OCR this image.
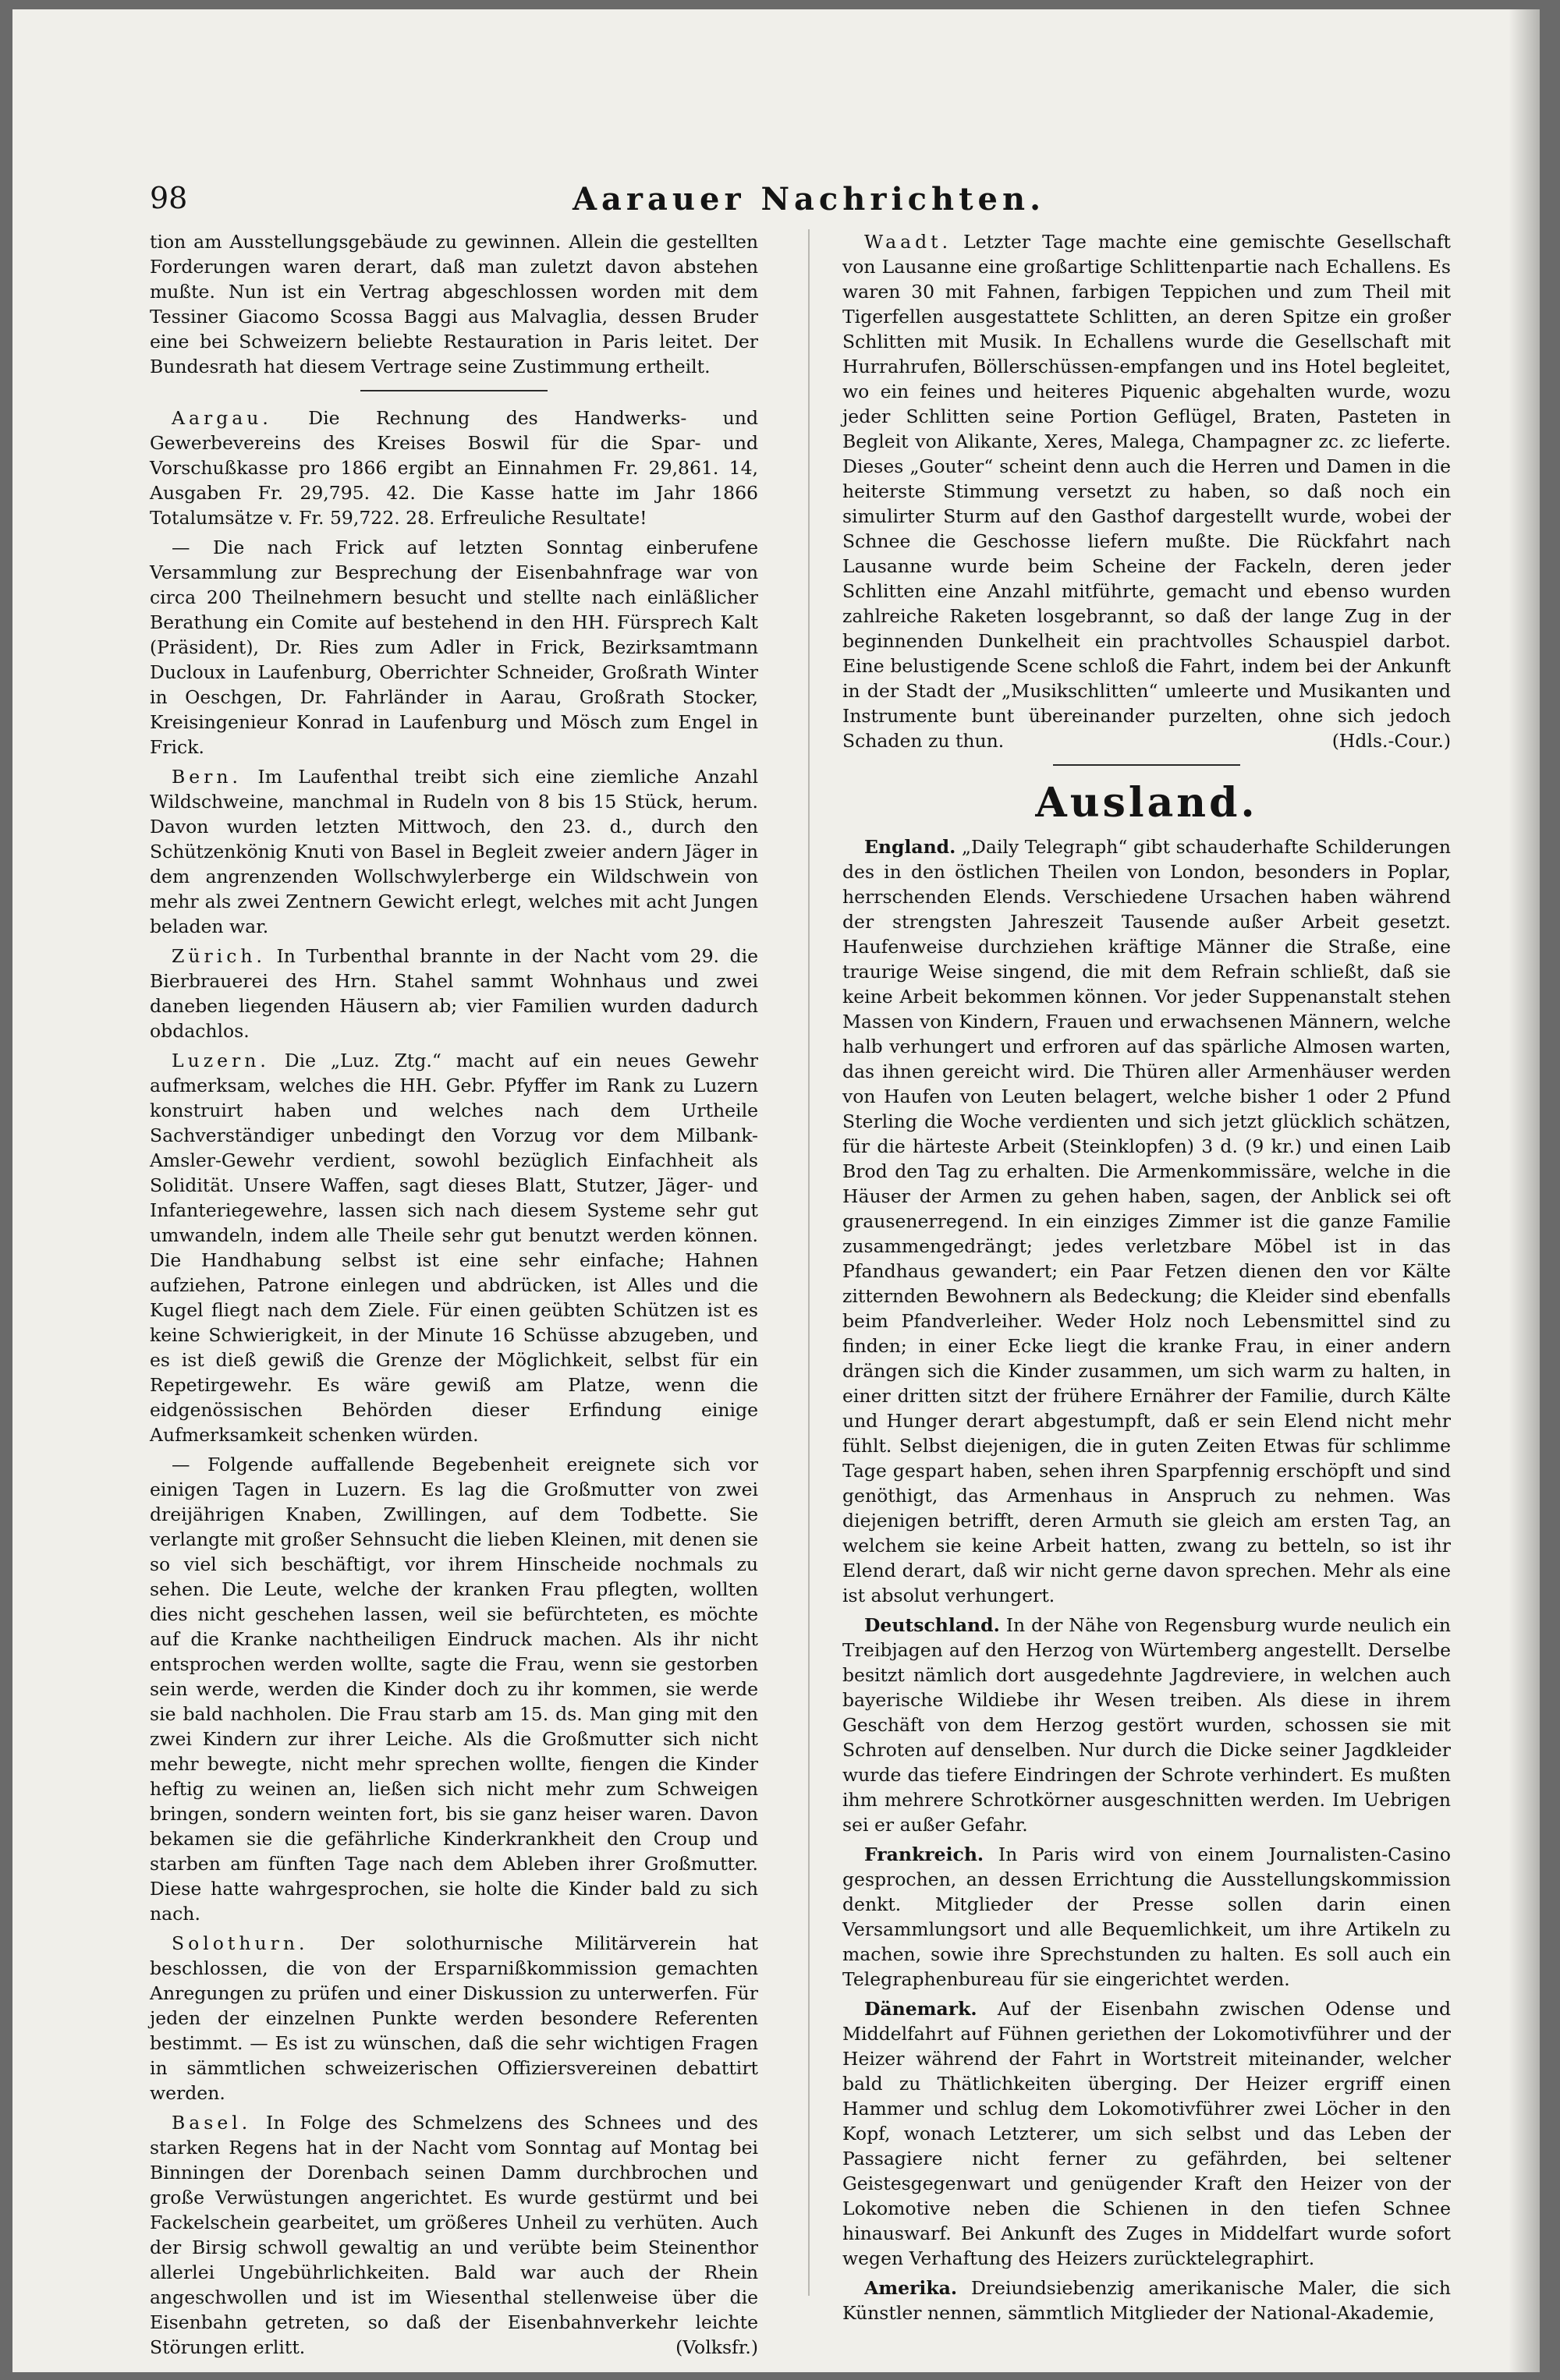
98	Aarauer Nachrichten.

tion am Ausstellungsgebäude zu gewinnen. Allein die gestellten Forderungen waren derart, daß man zuletzt davon abstehen mußte. Nun ist ein Vertrag abgeschlossen worden mit dem Tessiner Giacomo Scossa Baggi aus Malvaglia, dessen Bruder eine bei Schweizern beliebte Restauration in Paris leitet. Der Bundesrath hat diesem Vertrage seine Zustimmung ertheilt.

Aargau. Die Rechnung des Handwerks- und Gewerbevereins des Kreises Boswil für die Spar- und Vorschußkasse pro 1866 ergibt an Einnahmen Fr. 29,861. 14, Ausgaben Fr. 29,795. 42. Die Kasse hatte im Jahr 1866 Totalumsätze v. Fr. 59,722. 28. Erfreuliche Resultate!

— Die nach Frick auf letzten Sonntag einberufene Versammlung zur Besprechung der Eisenbahnfrage war von circa 200 Theilnehmern besucht und stellte nach einläßlicher Berathung ein Comite auf bestehend in den HH. Fürsprech Kalt (Präsident), Dr. Ries zum Adler in Frick, Bezirksamtmann Ducloux in Laufenburg, Oberrichter Schneider, Großrath Winter in Oeschgen, Dr. Fahrländer in Aarau, Großrath Stocker, Kreisingenieur Konrad in Laufenburg und Mösch zum Engel in Frick.

Bern. Im Laufenthal treibt sich eine ziemliche Anzahl Wildschweine, manchmal in Rudeln von 8 bis 15 Stück, herum. Davon wurden letzten Mittwoch, den 23. d., durch den Schützenkönig Knuti von Basel in Begleit zweier andern Jäger in dem angrenzenden Wollschwylerberge ein Wildschwein von mehr als zwei Zentnern Gewicht erlegt, welches mit acht Jungen beladen war.

Zürich. In Turbenthal brannte in der Nacht vom 29. die Bierbrauerei des Hrn. Stahel sammt Wohnhaus und zwei daneben liegenden Häusern ab; vier Familien wurden dadurch obdachlos.

Luzern. Die „Luz. Ztg.“ macht auf ein neues Gewehr aufmerksam, welches die HH. Gebr. Pfyffer im Rank zu Luzern konstruirt haben und welches nach dem Urtheile Sachverständiger unbedingt den Vorzug vor dem Milbank-Amsler-Gewehr verdient, sowohl bezüglich Einfachheit als Solidität. Unsere Waffen, sagt dieses Blatt, Stutzer, Jäger- und Infanteriegewehre, lassen sich nach diesem Systeme sehr gut umwandeln, indem alle Theile sehr gut benutzt werden können. Die Handhabung selbst ist eine sehr einfache; Hahnen aufziehen, Patrone einlegen und abdrücken, ist Alles und die Kugel fliegt nach dem Ziele. Für einen geübten Schützen ist es keine Schwierigkeit, in der Minute 16 Schüsse abzugeben, und es ist dieß gewiß die Grenze der Möglichkeit, selbst für ein Repetirgewehr. Es wäre gewiß am Platze, wenn die eidgenössischen Behörden dieser Erfindung einige Aufmerksamkeit schenken würden.

— Folgende auffallende Begebenheit ereignete sich vor einigen Tagen in Luzern. Es lag die Großmutter von zwei dreijährigen Knaben, Zwillingen, auf dem Todbette. Sie verlangte mit großer Sehnsucht die lieben Kleinen, mit denen sie so viel sich beschäftigt, vor ihrem Hinscheide nochmals zu sehen. Die Leute, welche der kranken Frau pflegten, wollten dies nicht geschehen lassen, weil sie befürchteten, es möchte auf die Kranke nachtheiligen Eindruck machen. Als ihr nicht entsprochen werden wollte, sagte die Frau, wenn sie gestorben sein werde, werden die Kinder doch zu ihr kommen, sie werde sie bald nachholen. Die Frau starb am 15. ds. Man ging mit den zwei Kindern zur ihrer Leiche. Als die Großmutter sich nicht mehr bewegte, nicht mehr sprechen wollte, fiengen die Kinder heftig zu weinen an, ließen sich nicht mehr zum Schweigen bringen, sondern weinten fort, bis sie ganz heiser waren. Davon bekamen sie die gefährliche Kinderkrankheit den Croup und starben am fünften Tage nach dem Ableben ihrer Großmutter. Diese hatte wahrgesprochen, sie holte die Kinder bald zu sich nach.

Solothurn. Der solothurnische Militärverein hat beschlossen, die von der Ersparnißkommission gemachten Anregungen zu prüfen und einer Diskussion zu unterwerfen. Für jeden der einzelnen Punkte werden besondere Referenten bestimmt. — Es ist zu wünschen, daß die sehr wichtigen Fragen in sämmtlichen schweizerischen Offiziersvereinen debattirt werden.

Basel. In Folge des Schmelzens des Schnees und des starken Regens hat in der Nacht vom Sonntag auf Montag bei Binningen der Dorenbach seinen Damm durchbrochen und große Verwüstungen angerichtet. Es wurde gestürmt und bei Fackelschein gearbeitet, um größeres Unheil zu verhüten. Auch der Birsig schwoll gewaltig an und verübte beim Steinenthor allerlei Ungebührlichkeiten. Bald war auch der Rhein angeschwollen und ist im Wiesenthal stellenweise über die Eisenbahn getreten, so daß der Eisenbahnverkehr leichte Störungen erlitt.	(Volksfr.)

Waadt. Letzter Tage machte eine gemischte Gesellschaft von Lausanne eine großartige Schlittenpartie nach Echallens. Es waren 30 mit Fahnen, farbigen Teppichen und zum Theil mit Tigerfellen ausgestattete Schlitten, an deren Spitze ein großer Schlitten mit Musik. In Echallens wurde die Gesellschaft mit Hurrahrufen, Böllerschüssen-empfangen und ins Hotel begleitet, wo ein feines und heiteres Piquenic abgehalten wurde, wozu jeder Schlitten seine Portion Geflügel, Braten, Pasteten in Begleit von Alikante, Xeres, Malega, Champagner zc. zc lieferte. Dieses „Gouter“ scheint denn auch die Herren und Damen in die heiterste Stimmung versetzt zu haben, so daß noch ein simulirter Sturm auf den Gasthof dargestellt wurde, wobei der Schnee die Geschosse liefern mußte. Die Rückfahrt nach Lausanne wurde beim Scheine der Fackeln, deren jeder Schlitten eine Anzahl mitführte, gemacht und ebenso wurden zahlreiche Raketen losgebrannt, so daß der lange Zug in der beginnenden Dunkelheit ein prachtvolles Schauspiel darbot. Eine belustigende Scene schloß die Fahrt, indem bei der Ankunft in der Stadt der „Musikschlitten“ umleerte und Musikanten und Instrumente bunt übereinander purzelten, ohne sich jedoch Schaden zu thun.	(Hdls.-Cour.)

Ausland.

England. „Daily Telegraph“ gibt schauderhafte Schilderungen des in den östlichen Theilen von London, besonders in Poplar, herrschenden Elends. Verschiedene Ursachen haben während der strengsten Jahreszeit Tausende außer Arbeit gesetzt. Haufenweise durchziehen kräftige Männer die Straße, eine traurige Weise singend, die mit dem Refrain schließt, daß sie keine Arbeit bekommen können. Vor jeder Suppenanstalt stehen Massen von Kindern, Frauen und erwachsenen Männern, welche halb verhungert und erfroren auf das spärliche Almosen warten, das ihnen gereicht wird. Die Thüren aller Armenhäuser werden von Haufen von Leuten belagert, welche bisher 1 oder 2 Pfund Sterling die Woche verdienten und sich jetzt glücklich schätzen, für die härteste Arbeit (Steinklopfen) 3 d. (9 kr.) und einen Laib Brod den Tag zu erhalten. Die Armenkommissäre, welche in die Häuser der Armen zu gehen haben, sagen, der Anblick sei oft grausenerregend. In ein einziges Zimmer ist die ganze Familie zusammengedrängt; jedes verletzbare Möbel ist in das Pfandhaus gewandert; ein Paar Fetzen dienen den vor Kälte zitternden Bewohnern als Bedeckung; die Kleider sind ebenfalls beim Pfandverleiher. Weder Holz noch Lebensmittel sind zu finden; in einer Ecke liegt die kranke Frau, in einer andern drängen sich die Kinder zusammen, um sich warm zu halten, in einer dritten sitzt der frühere Ernährer der Familie, durch Kälte und Hunger derart abgestumpft, daß er sein Elend nicht mehr fühlt. Selbst diejenigen, die in guten Zeiten Etwas für schlimme Tage gespart haben, sehen ihren Sparpfennig erschöpft und sind genöthigt, das Armenhaus in Anspruch zu nehmen. Was diejenigen betrifft, deren Armuth sie gleich am ersten Tag, an welchem sie keine Arbeit hatten, zwang zu betteln, so ist ihr Elend derart, daß wir nicht gerne davon sprechen. Mehr als eine ist absolut verhungert.

Deutschland. In der Nähe von Regensburg wurde neulich ein Treibjagen auf den Herzog von Würtemberg angestellt. Derselbe besitzt nämlich dort ausgedehnte Jagdreviere, in welchen auch bayerische Wildiebe ihr Wesen treiben. Als diese in ihrem Geschäft von dem Herzog gestört wurden, schossen sie mit Schroten auf denselben. Nur durch die Dicke seiner Jagdkleider wurde das tiefere Eindringen der Schrote verhindert. Es mußten ihm mehrere Schrotkörner ausgeschnitten werden. Im Uebrigen sei er außer Gefahr.

Frankreich. In Paris wird von einem Journalisten-Casino gesprochen, an dessen Errichtung die Ausstellungskommission denkt. Mitglieder der Presse sollen darin einen Versammlungsort und alle Bequemlichkeit, um ihre Artikeln zu machen, sowie ihre Sprechstunden zu halten. Es soll auch ein Telegraphenbureau für sie eingerichtet werden.

Dänemark. Auf der Eisenbahn zwischen Odense und Middelfahrt auf Fühnen geriethen der Lokomotivführer und der Heizer während der Fahrt in Wortstreit miteinander, welcher bald zu Thätlichkeiten überging. Der Heizer ergriff einen Hammer und schlug dem Lokomotivführer zwei Löcher in den Kopf, wonach Letzterer, um sich selbst und das Leben der Passagiere nicht ferner zu gefährden, bei seltener Geistesgegenwart und genügender Kraft den Heizer von der Lokomotive neben die Schienen in den tiefen Schnee hinauswarf. Bei Ankunft des Zuges in Middelfart wurde sofort wegen Verhaftung des Heizers zurücktelegraphirt.

Amerika. Dreiundsiebenzig amerikanische Maler, die sich Künstler nennen, sämmtlich Mitglieder der National-Akademie,
